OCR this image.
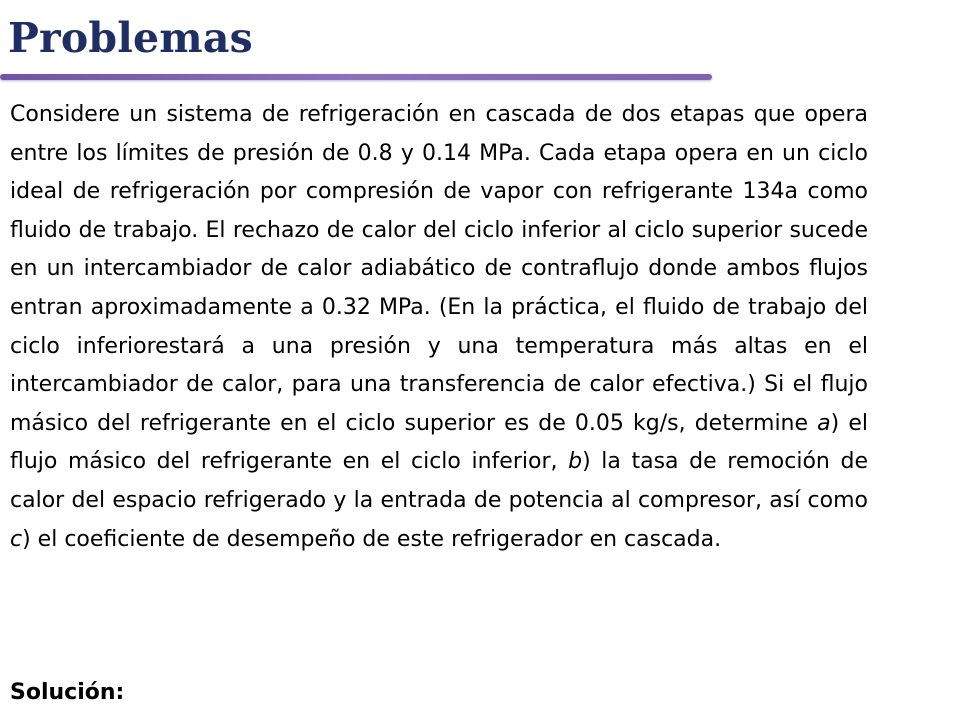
Problemas

Considere un sistema de refrigeración en cascada de dos etapas que opera entre los límites de presión de 0.8 y 0.14 MPa. Cada etapa opera en un ciclo ideal de refrigeración por compresión de vapor con refrigerante 134a como fluido de trabajo. El rechazo de calor del ciclo inferior al ciclo superior sucede en un intercambiador de calor adiabático de contraflujo donde ambos flujos entran aproximadamente a 0.32 MPa. (En la práctica, el fluido de trabajo del ciclo inferiorestará a una presión y una temperatura más altas en el intercambiador de calor, para una transferencia de calor efectiva.) Si el flujo másico del refrigerante en el ciclo superior es de 0.05 kg/s, determine a) el flujo másico del refrigerante en el ciclo inferior, b) la tasa de remoción de calor del espacio refrigerado y la entrada de potencia al compresor, así como c) el coeficiente de desempeño de este refrigerador en cascada.

Solución:
